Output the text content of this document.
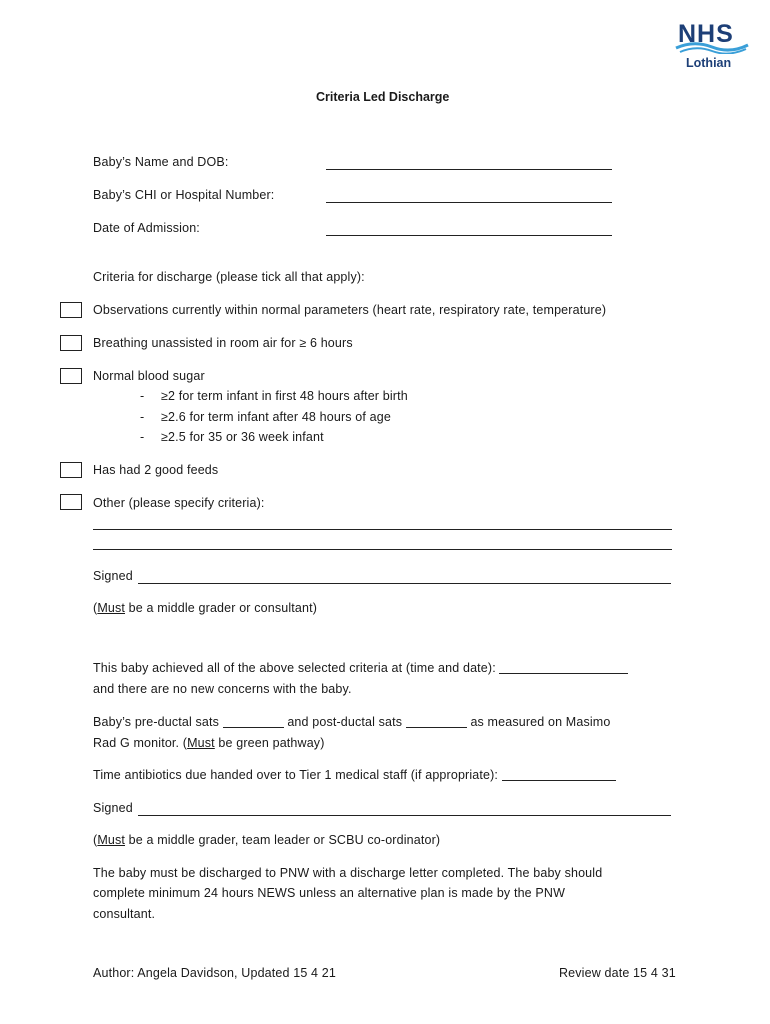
NHS
Lothian
Criteria Led Discharge
Baby’s Name and DOB:
Baby’s CHI or Hospital Number:
Date of Admission:
Criteria for discharge (please tick all that apply):
Observations currently within normal parameters (heart rate, respiratory rate, temperature)
Breathing unassisted in room air for ≥ 6 hours
Normal blood sugar
- ≥2 for term infant in first 48 hours after birth
- ≥2.6 for term infant after 48 hours of age
- ≥2.5 for 35 or 36 week infant
Has had 2 good feeds
Other (please specify criteria):
Signed
(Must be a middle grader or consultant)
This baby achieved all of the above selected criteria at (time and date):
and there are no new concerns with the baby.
Baby’s pre-ductal sats	and post-ductal sats	as measured on Masimo
Rad G monitor. (Must be green pathway)
Time antibiotics due handed over to Tier 1 medical staff (if appropriate):
Signed
(Must be a middle grader, team leader or SCBU co-ordinator)
The baby must be discharged to PNW with a discharge letter completed. The baby should
complete minimum 24 hours NEWS unless an alternative plan is made by the PNW
consultant.
Author: Angela Davidson, Updated 15 4 21	Review date 15 4 31
